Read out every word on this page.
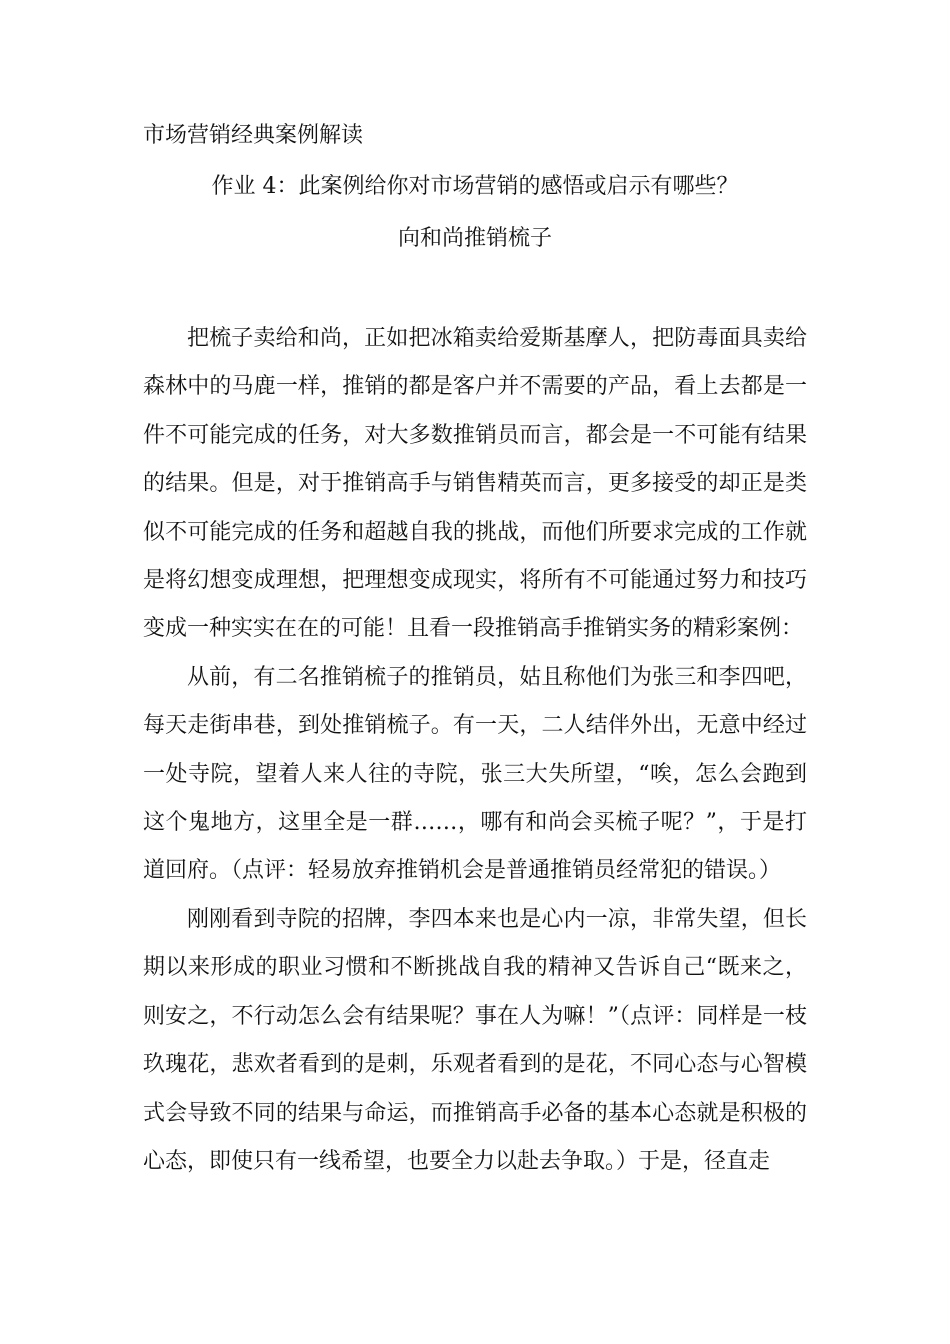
市场营销经典案例解读
作业 4：此案例给你对市场营销的感悟或启示有哪些？
向和尚推销梳子

把梳子卖给和尚，正如把冰箱卖给爱斯基摩人，把防毒面具卖给森林中的马鹿一样，推销的都是客户并不需要的产品，看上去都是一件不可能完成的任务，对大多数推销员而言，都会是一不可能有结果的结果。但是，对于推销高手与销售精英而言，更多接受的却正是类似不可能完成的任务和超越自我的挑战，而他们所要求完成的工作就是将幻想变成理想，把理想变成现实，将所有不可能通过努力和技巧变成一种实实在在的可能！且看一段推销高手推销实务的精彩案例：

从前，有二名推销梳子的推销员，姑且称他们为张三和李四吧，每天走街串巷，到处推销梳子。有一天，二人结伴外出，无意中经过一处寺院，望着人来人往的寺院，张三大失所望，“唉，怎么会跑到这个鬼地方，这里全是一群……，哪有和尚会买梳子呢？”，于是打道回府。（点评：轻易放弃推销机会是普通推销员经常犯的错误。）

刚刚看到寺院的招牌，李四本来也是心内一凉，非常失望，但长期以来形成的职业习惯和不断挑战自我的精神又告诉自己“既来之，则安之，不行动怎么会有结果呢？事在人为嘛！”（点评：同样是一枝玖瑰花，悲欢者看到的是刺，乐观者看到的是花，不同心态与心智模式会导致不同的结果与命运，而推销高手必备的基本心态就是积极的心态，即使只有一线希望，也要全力以赴去争取。）于是，径直走
